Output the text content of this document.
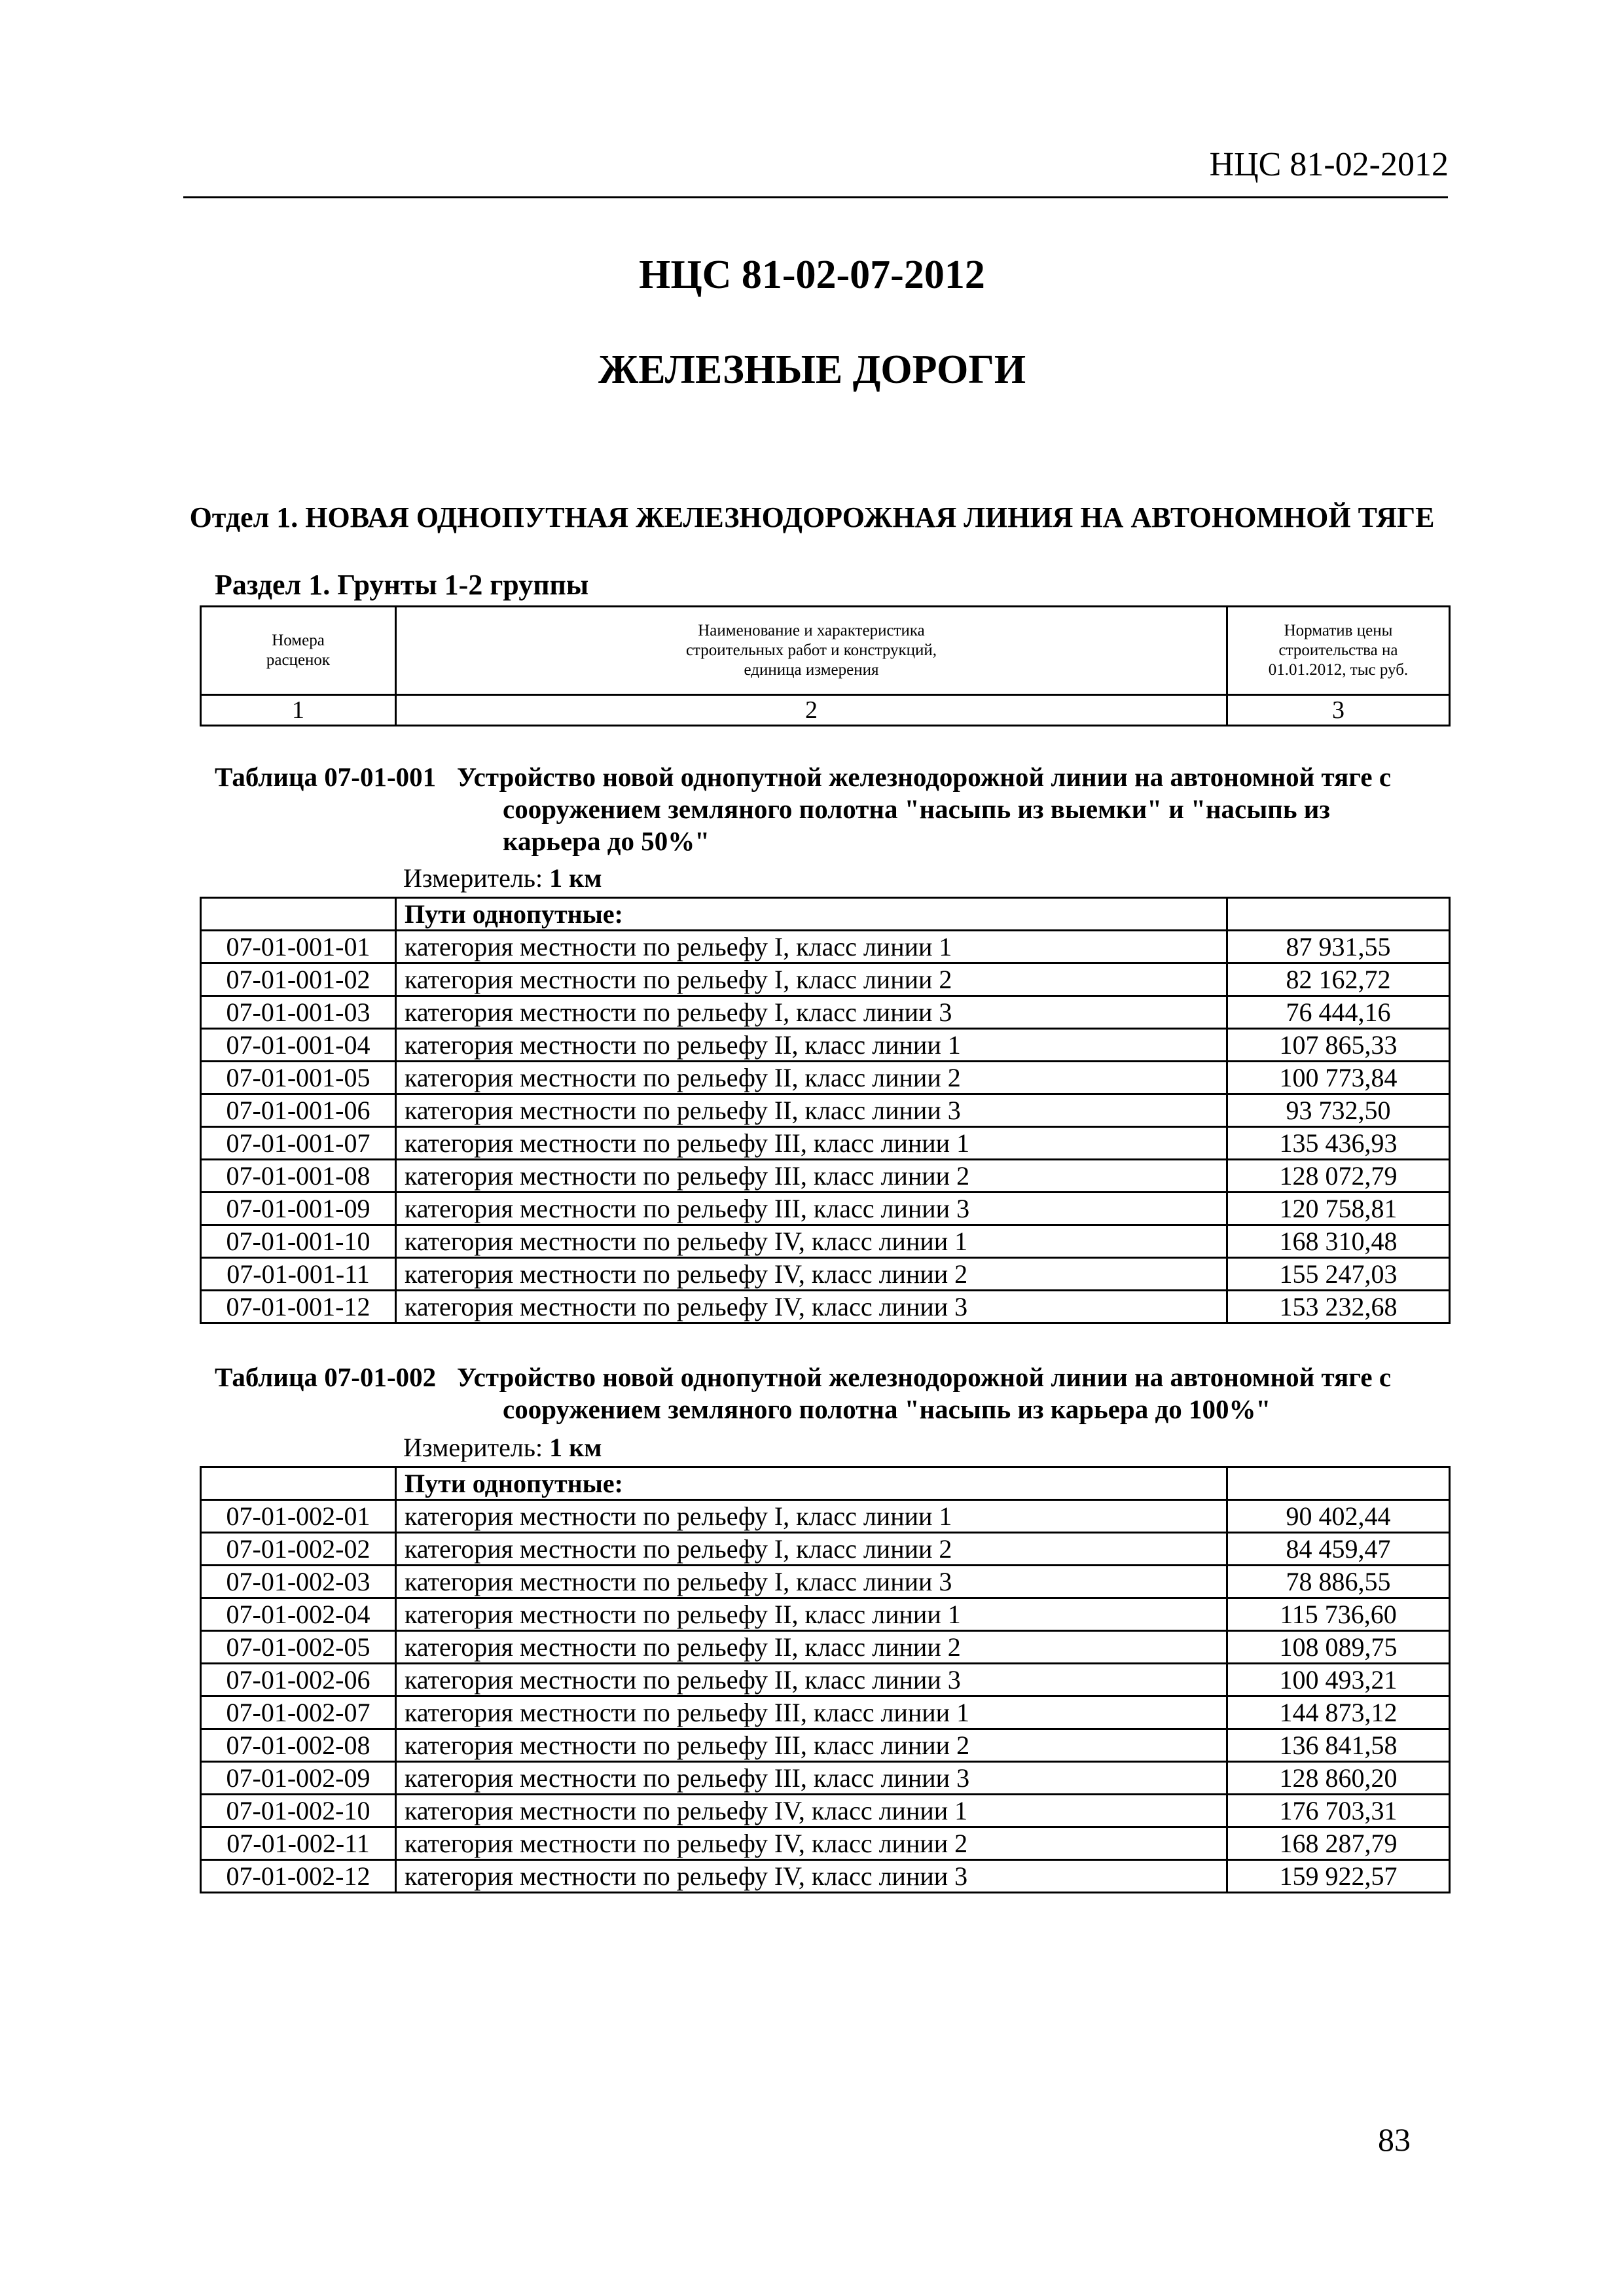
НЦС 81-02-2012
НЦС 81-02-07-2012
ЖЕЛЕЗНЫЕ ДОРОГИ
Отдел 1. НОВАЯ ОДНОПУТНАЯ ЖЕЛЕЗНОДОРОЖНАЯ ЛИНИЯ НА АВТОНОМНОЙ ТЯГЕ
Раздел 1. Грунты 1-2 группы
Номера расценок	Наименование и характеристика строительных работ и конструкций, единица измерения	Норматив цены строительства на 01.01.2012, тыс руб.
1	2	3
Таблица 07-01-001 Устройство новой однопутной железнодорожной линии на автономной тяге с
сооружением земляного полотна "насыпь из выемки" и "насыпь из
карьера до 50%"
Измеритель: 1 км
	Пути однопутные:	
07-01-001-01	категория местности по рельефу I, класс линии 1	87 931,55
07-01-001-02	категория местности по рельефу I, класс линии 2	82 162,72
07-01-001-03	категория местности по рельефу I, класс линии 3	76 444,16
07-01-001-04	категория местности по рельефу II, класс линии 1	107 865,33
07-01-001-05	категория местности по рельефу II, класс линии 2	100 773,84
07-01-001-06	категория местности по рельефу II, класс линии 3	93 732,50
07-01-001-07	категория местности по рельефу III, класс линии 1	135 436,93
07-01-001-08	категория местности по рельефу III, класс линии 2	128 072,79
07-01-001-09	категория местности по рельефу III, класс линии 3	120 758,81
07-01-001-10	категория местности по рельефу IV, класс линии 1	168 310,48
07-01-001-11	категория местности по рельефу IV, класс линии 2	155 247,03
07-01-001-12	категория местности по рельефу IV, класс линии 3	153 232,68
Таблица 07-01-002 Устройство новой однопутной железнодорожной линии на автономной тяге с
сооружением земляного полотна "насыпь из карьера до 100%"
Измеритель: 1 км
	Пути однопутные:	
07-01-002-01	категория местности по рельефу I, класс линии 1	90 402,44
07-01-002-02	категория местности по рельефу I, класс линии 2	84 459,47
07-01-002-03	категория местности по рельефу I, класс линии 3	78 886,55
07-01-002-04	категория местности по рельефу II, класс линии 1	115 736,60
07-01-002-05	категория местности по рельефу II, класс линии 2	108 089,75
07-01-002-06	категория местности по рельефу II, класс линии 3	100 493,21
07-01-002-07	категория местности по рельефу III, класс линии 1	144 873,12
07-01-002-08	категория местности по рельефу III, класс линии 2	136 841,58
07-01-002-09	категория местности по рельефу III, класс линии 3	128 860,20
07-01-002-10	категория местности по рельефу IV, класс линии 1	176 703,31
07-01-002-11	категория местности по рельефу IV, класс линии 2	168 287,79
07-01-002-12	категория местности по рельефу IV, класс линии 3	159 922,57
83
